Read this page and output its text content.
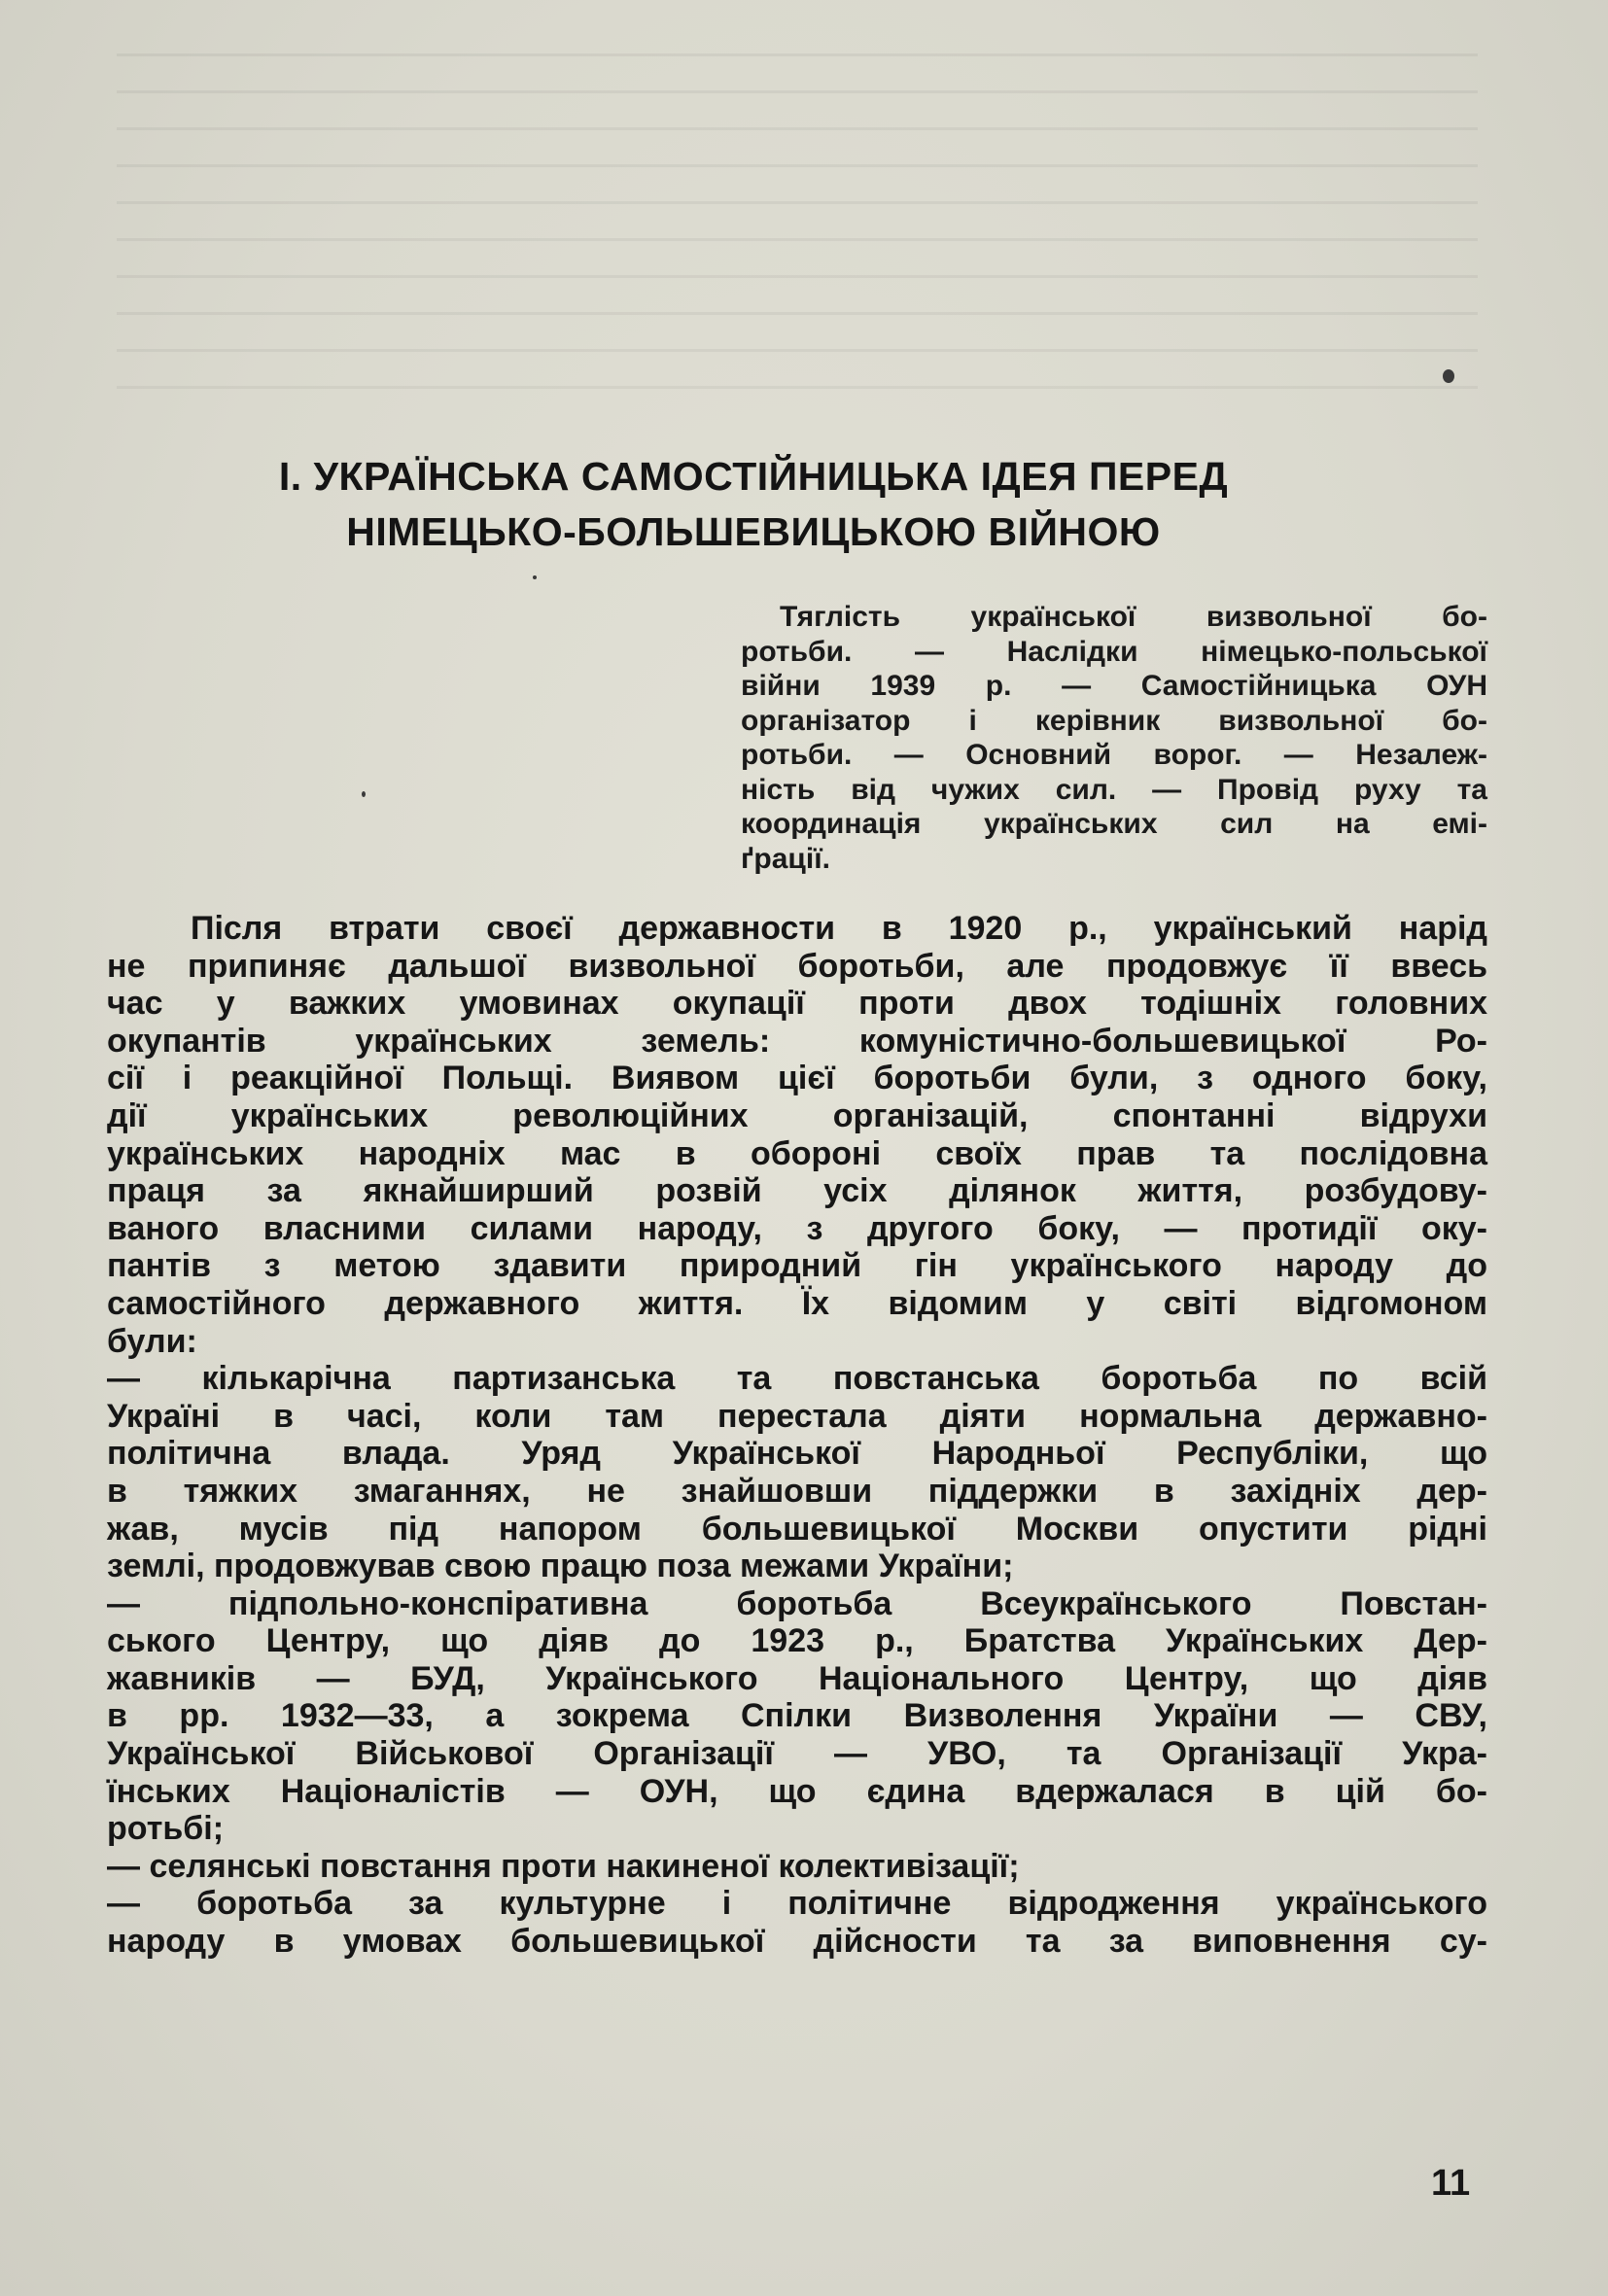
І. УКРАЇНСЬКА САМОСТІЙНИЦЬКА ІДЕЯ ПЕРЕД
НІМЕЦЬКО-БОЛЬШЕВИЦЬКОЮ ВІЙНОЮ
Тяглість української визвольної бо-
ротьби. — Наслідки німецько-польської
війни 1939 р. — Самостійницька ОУН
організатор і керівник визвольної бо-
ротьби. — Основний ворог. — Незалеж-
ність від чужих сил. — Провід руху та
координація українських сил на емі-
ґрації.
Після втрати своєї державности в 1920 р., український нарід
не припиняє дальшої визвольної боротьби, але продовжує її ввесь
час у важких умовинах окупації проти двох тодішніх головних
окупантів українських земель: комуністично-большевицької Ро-
сії і реакційної Польщі. Виявом цієї боротьби були, з одного боку,
дії українських революційних організацій, спонтанні відрухи
українських народніх мас в обороні своїх прав та послідовна
праця за якнайширший розвій усіх ділянок життя, розбудову-
ваного власними силами народу, з другого боку, — протидії оку-
пантів з метою здавити природний гін українського народу до
самостійного державного життя. Їх відомим у світі відгомоном
були:
— кількарічна партизанська та повстанська боротьба по всій
Україні в часі, коли там перестала діяти нормальна державно-
політична влада. Уряд Української Народньої Республіки, що
в тяжких змаганнях, не знайшовши піддержки в західніх дер-
жав, мусів під напором большевицької Москви опустити рідні
землі, продовжував свою працю поза межами України;
— підпольно-конспіративна боротьба Всеукраїнського Повстан-
ського Центру, що діяв до 1923 р., Братства Українських Дер-
жавників — БУД, Українського Національного Центру, що діяв
в рр. 1932—33, а зокрема Спілки Визволення України — СВУ,
Української Військової Організації — УВО, та Організації Укра-
їнських Націоналістів — ОУН, що єдина вдержалася в цій бо-
ротьбі;
— селянські повстання проти накиненої колективізації;
— боротьба за культурне і політичне відродження українського
народу в умовах большевицької дійсности та за виповнення су-
11
